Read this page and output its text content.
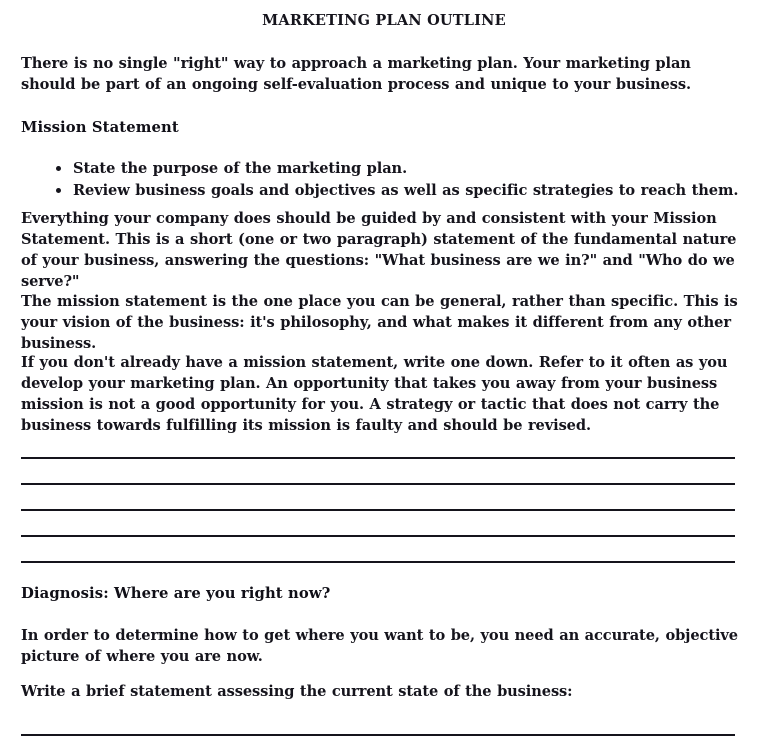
MARKETING PLAN OUTLINE

There is no single "right" way to approach a marketing plan. Your marketing plan should be part of an ongoing self-evaluation process and unique to your business.

Mission Statement
State the purpose of the marketing plan.
Review business goals and objectives as well as specific strategies to reach them.

Everything your company does should be guided by and consistent with your Mission Statement. This is a short (one or two paragraph) statement of the fundamental nature of your business, answering the questions: "What business are we in?" and "Who do we serve?"

The mission statement is the one place you can be general, rather than specific. This is your vision of the business: it's philosophy, and what makes it different from any other business.

If you don't already have a mission statement, write one down. Refer to it often as you develop your marketing plan. An opportunity that takes you away from your business mission is not a good opportunity for you. A strategy or tactic that does not carry the business towards fulfilling its mission is faulty and should be revised.

Diagnosis: Where are you right now?

In order to determine how to get where you want to be, you need an accurate, objective picture of where you are now.

Write a brief statement assessing the current state of the business:
